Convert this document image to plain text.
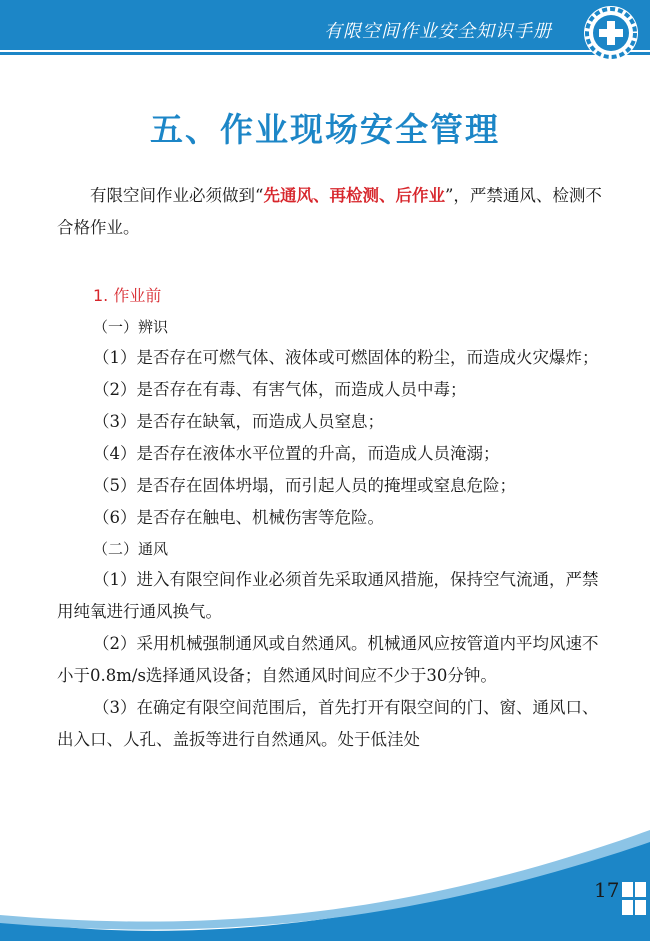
有限空间作业安全知识手册
五、作业现场安全管理

有限空间作业必须做到“先通风、再检测、后作业”，严禁通风、检测不合格作业。

1. 作业前

（一）辨识

（1）是否存在可燃气体、液体或可燃固体的粉尘，而造成火灾爆炸；

（2）是否存在有毒、有害气体，而造成人员中毒；

（3）是否存在缺氧，而造成人员窒息；

（4）是否存在液体水平位置的升高，而造成人员淹溺；

（5）是否存在固体坍塌，而引起人员的掩埋或窒息危险；

（6）是否存在触电、机械伤害等危险。

（二）通风

（1）进入有限空间作业必须首先采取通风措施，保持空气流通，严禁用纯氧进行通风换气。

（2）采用机械强制通风或自然通风。机械通风应按管道内平均风速不小于0.8m/s选择通风设备；自然通风时间应不少于30分钟。

（3）在确定有限空间范围后，首先打开有限空间的门、窗、通风口、出入口、人孔、盖扳等进行自然通风。处于低洼处

17
